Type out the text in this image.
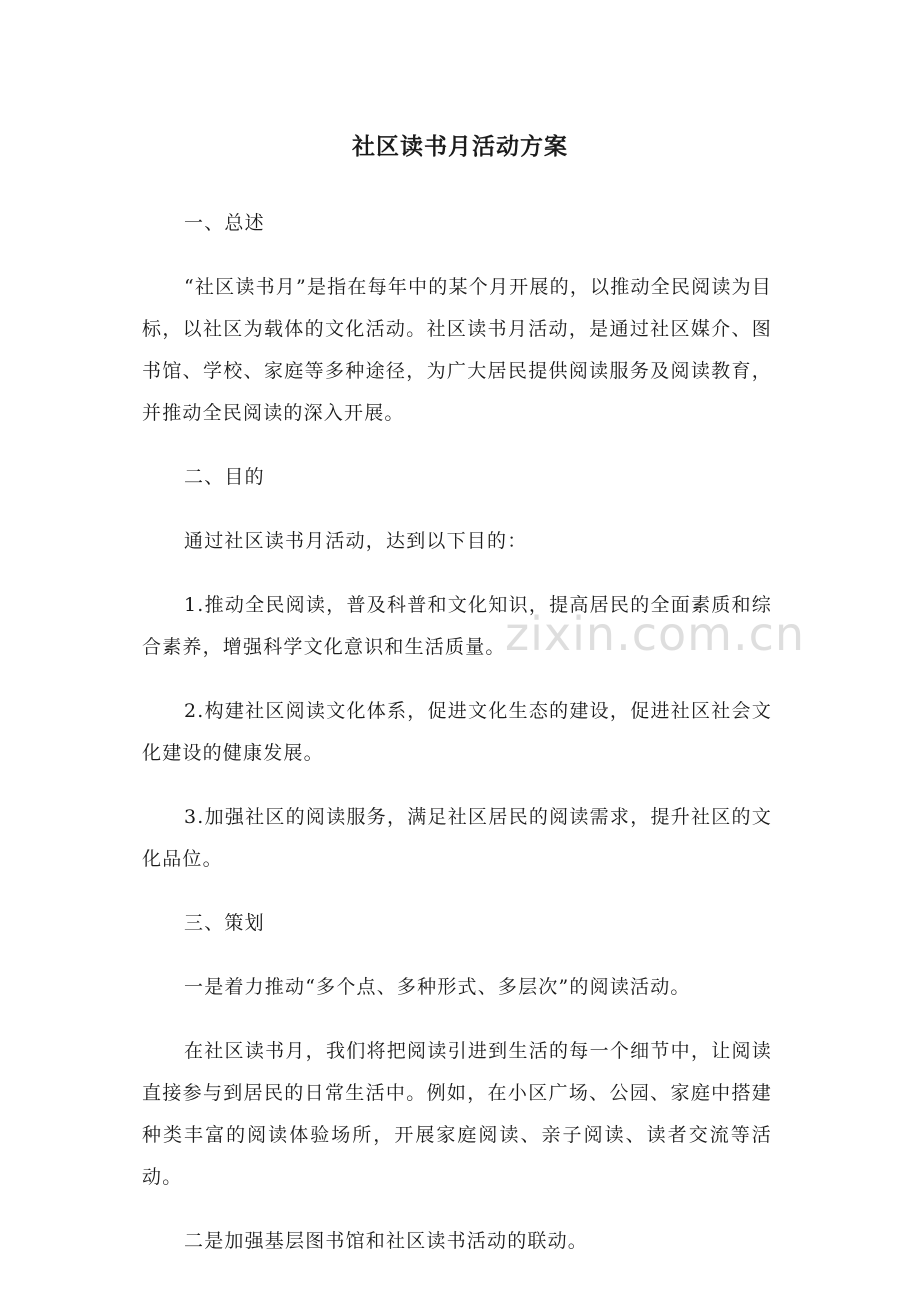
社区读书月活动方案

一、总述

“社区读书月”是指在每年中的某个月开展的，以推动全民阅读为目标，以社区为载体的文化活动。社区读书月活动，是通过社区媒介、图书馆、学校、家庭等多种途径，为广大居民提供阅读服务及阅读教育，并推动全民阅读的深入开展。

二、目的

通过社区读书月活动，达到以下目的：

1.推动全民阅读，普及科普和文化知识，提高居民的全面素质和综合素养，增强科学文化意识和生活质量。

2.构建社区阅读文化体系，促进文化生态的建设，促进社区社会文化建设的健康发展。

3.加强社区的阅读服务，满足社区居民的阅读需求，提升社区的文化品位。

三、策划

一是着力推动“多个点、多种形式、多层次”的阅读活动。

在社区读书月，我们将把阅读引进到生活的每一个细节中，让阅读直接参与到居民的日常生活中。例如，在小区广场、公园、家庭中搭建种类丰富的阅读体验场所，开展家庭阅读、亲子阅读、读者交流等活动。

二是加强基层图书馆和社区读书活动的联动。

zixin.com.cn
